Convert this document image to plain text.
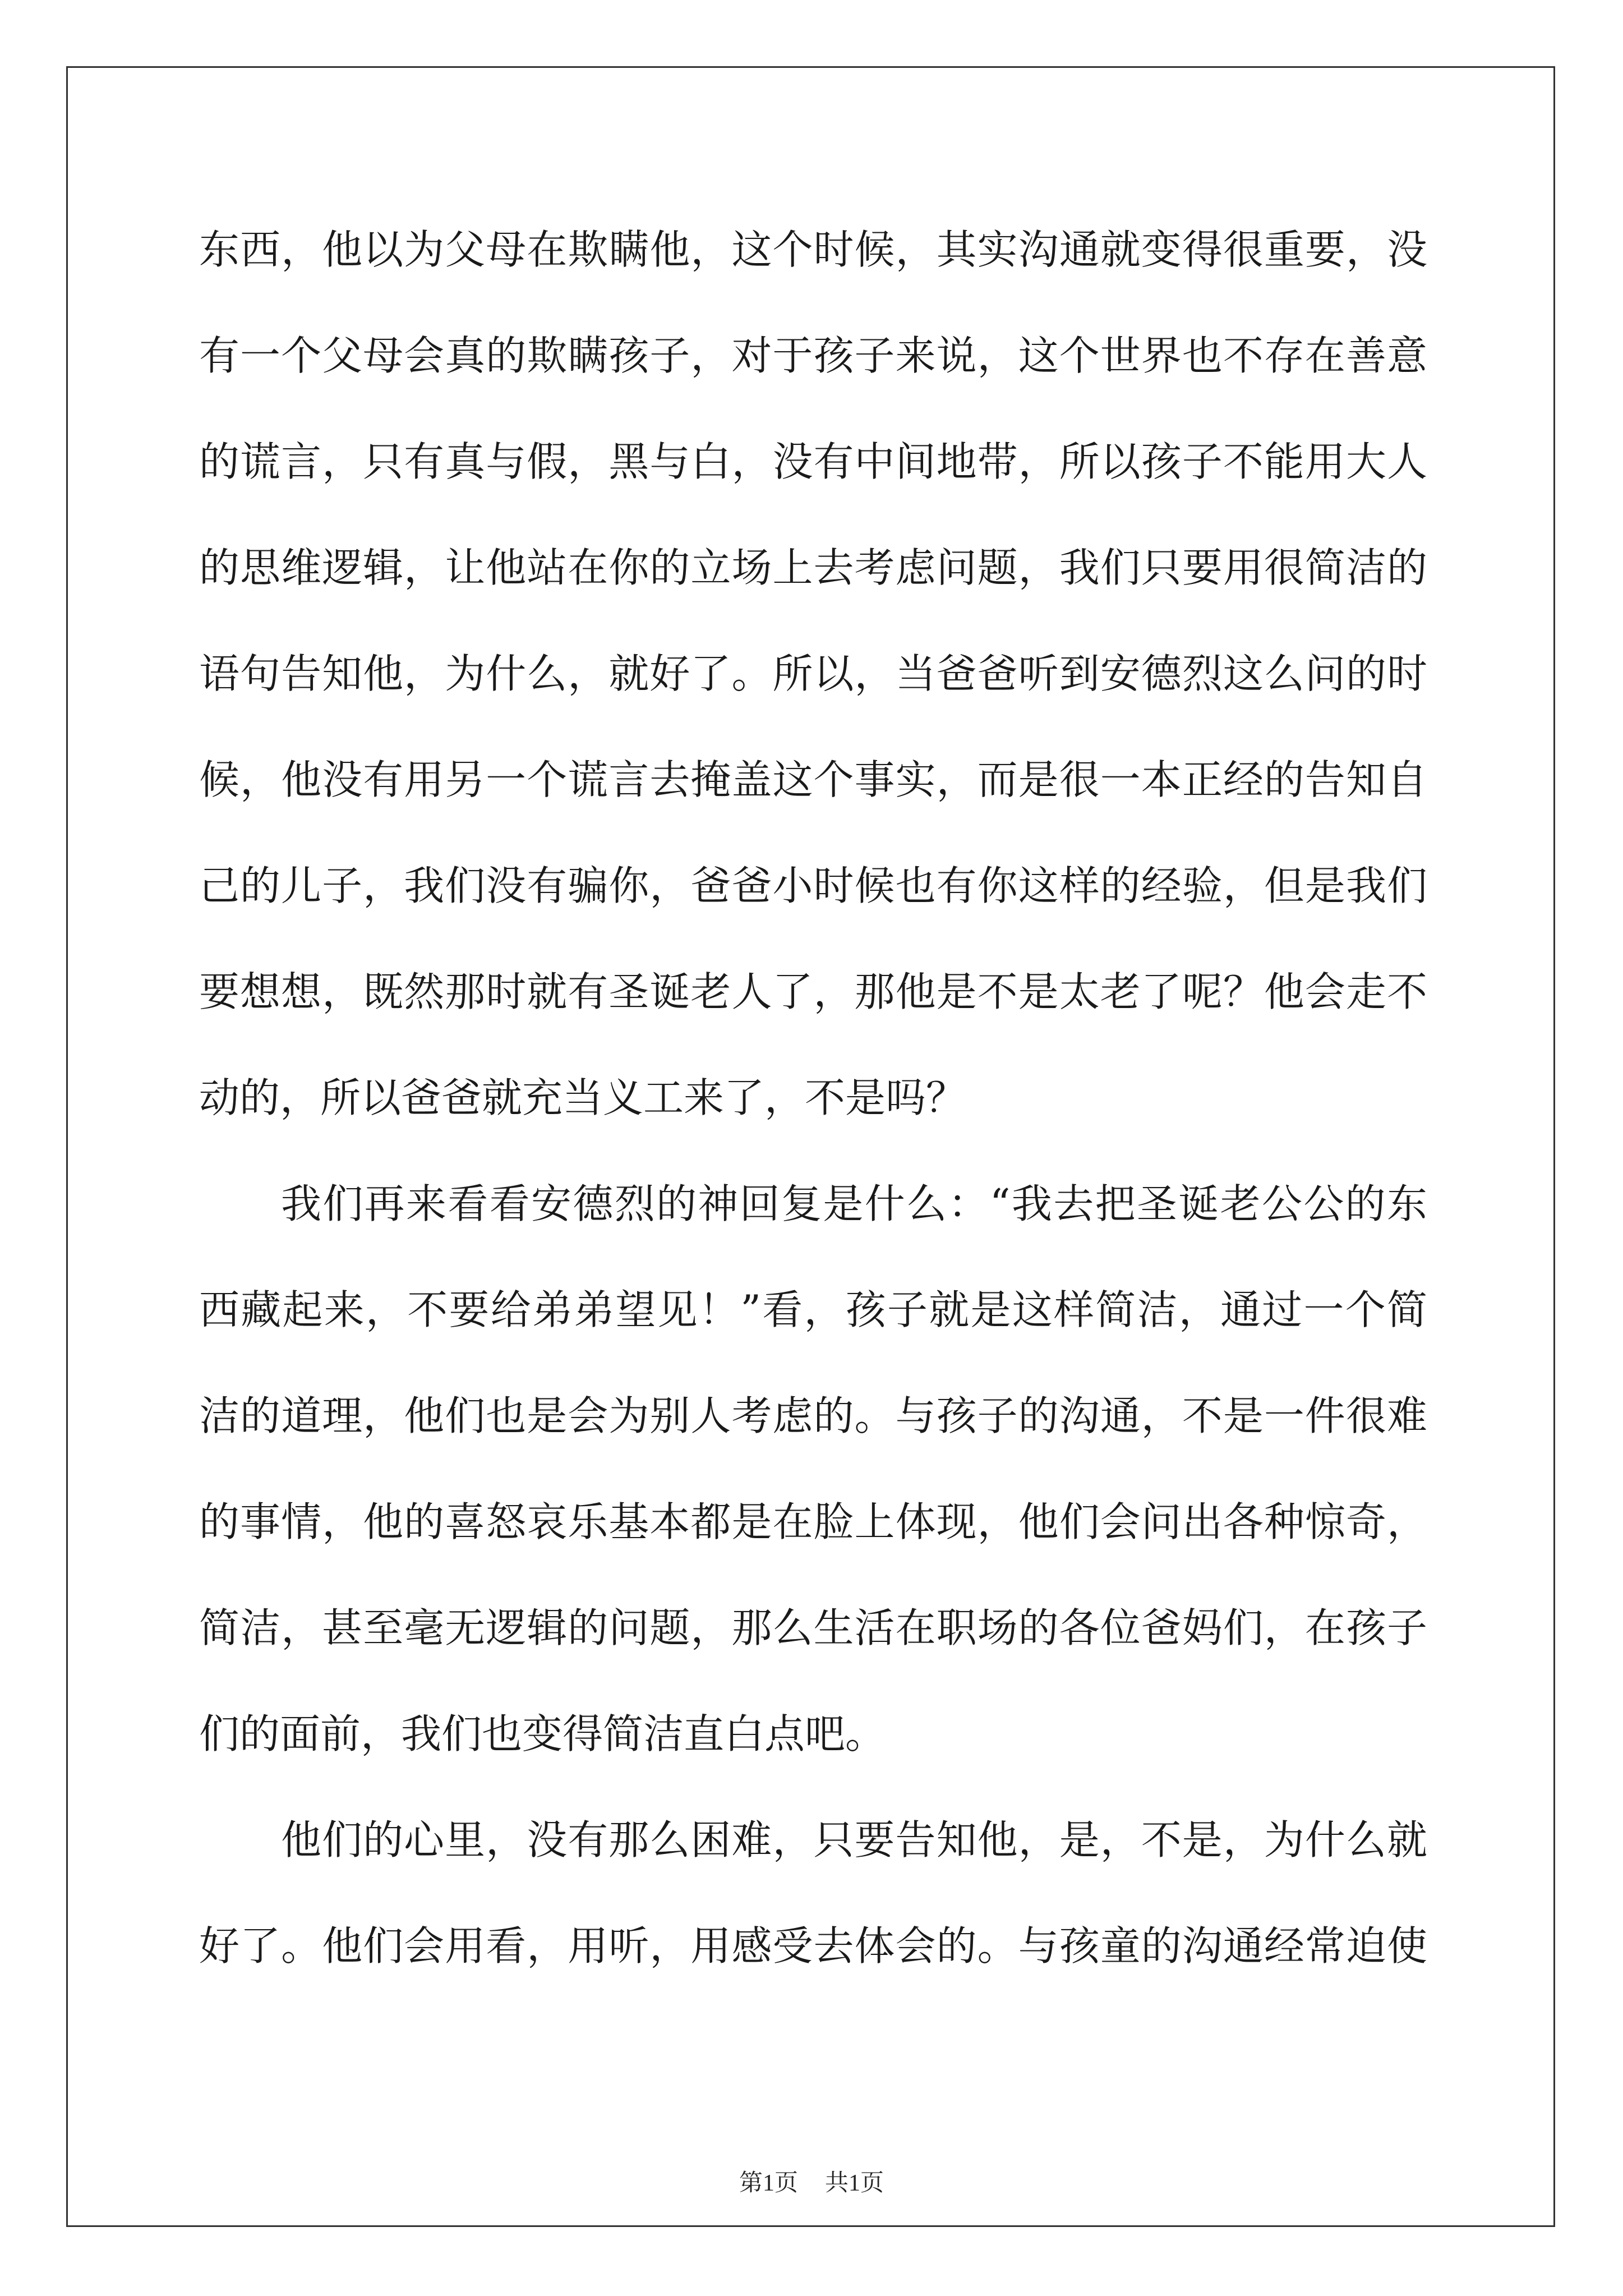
东西，他以为父母在欺瞒他，这个时候，其实沟通就变得很重要，没
有一个父母会真的欺瞒孩子，对于孩子来说，这个世界也不存在善意
的谎言，只有真与假，黑与白，没有中间地带，所以孩子不能用大人
的思维逻辑，让他站在你的立场上去考虑问题，我们只要用很简洁的
语句告知他，为什么，就好了。所以，当爸爸听到安德烈这么问的时
候，他没有用另一个谎言去掩盖这个事实，而是很一本正经的告知自
己的儿子，我们没有骗你，爸爸小时候也有你这样的经验，但是我们
要想想，既然那时就有圣诞老人了，那他是不是太老了呢？他会走不
动的，所以爸爸就充当义工来了，不是吗？
我们再来看看安德烈的神回复是什么：“我去把圣诞老公公的东
西藏起来，不要给弟弟望见！”看，孩子就是这样简洁，通过一个简
洁的道理，他们也是会为别人考虑的。与孩子的沟通，不是一件很难
的事情，他的喜怒哀乐基本都是在脸上体现，他们会问出各种惊奇，
简洁，甚至毫无逻辑的问题，那么生活在职场的各位爸妈们，在孩子
们的面前，我们也变得简洁直白点吧。
他们的心里，没有那么困难，只要告知他，是，不是，为什么就
好了。他们会用看，用听，用感受去体会的。与孩童的沟通经常迫使
第1页 共1页
